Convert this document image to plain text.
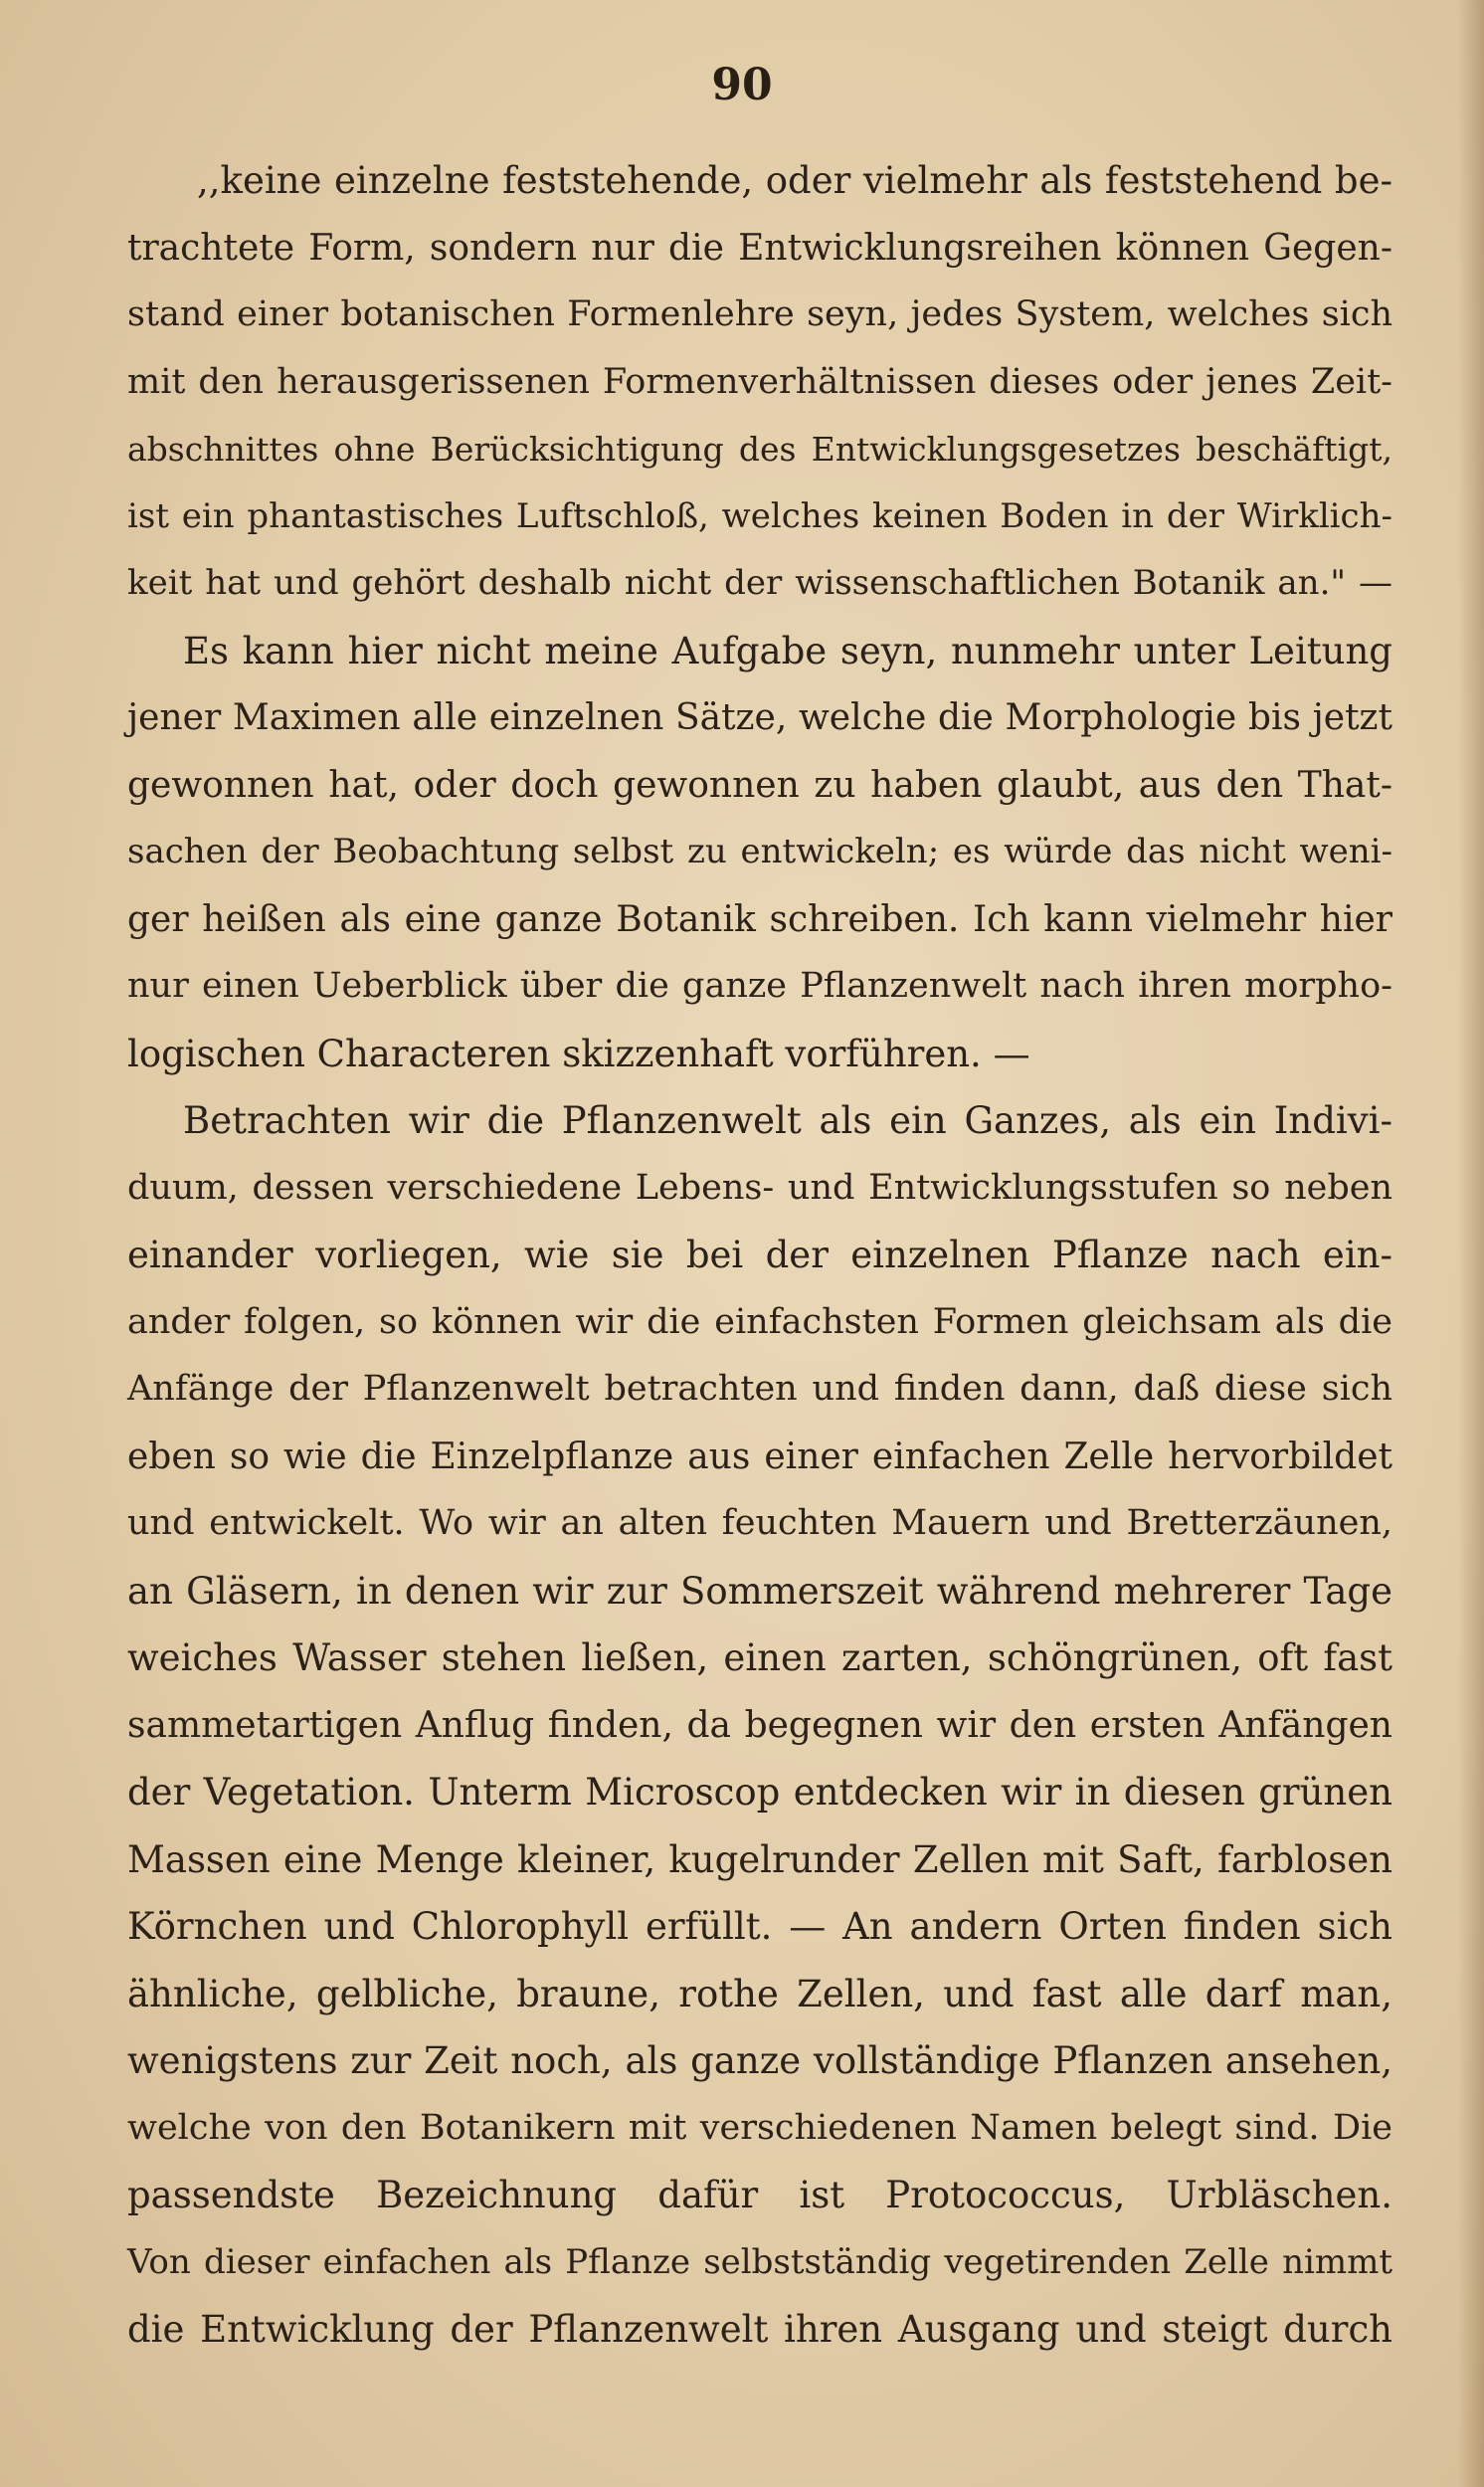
90
,,keine einzelne feststehende, oder vielmehr als feststehend be-
trachtete Form, sondern nur die Entwicklungsreihen können Gegen-
stand einer botanischen Formenlehre seyn, jedes System, welches sich
mit den herausgerissenen Formenverhältnissen dieses oder jenes Zeit-
abschnittes ohne Berücksichtigung des Entwicklungsgesetzes beschäftigt,
ist ein phantastisches Luftschloß, welches keinen Boden in der Wirklich-
keit hat und gehört deshalb nicht der wissenschaftlichen Botanik an." —
Es kann hier nicht meine Aufgabe seyn, nunmehr unter Leitung
jener Maximen alle einzelnen Sätze, welche die Morphologie bis jetzt
gewonnen hat, oder doch gewonnen zu haben glaubt, aus den That-
sachen der Beobachtung selbst zu entwickeln; es würde das nicht weni-
ger heißen als eine ganze Botanik schreiben. Ich kann vielmehr hier
nur einen Ueberblick über die ganze Pflanzenwelt nach ihren morpho-
logischen Characteren skizzenhaft vorführen. —
Betrachten wir die Pflanzenwelt als ein Ganzes, als ein Indivi-
duum, dessen verschiedene Lebens- und Entwicklungsstufen so neben
einander vorliegen, wie sie bei der einzelnen Pflanze nach ein-
ander folgen, so können wir die einfachsten Formen gleichsam als die
Anfänge der Pflanzenwelt betrachten und finden dann, daß diese sich
eben so wie die Einzelpflanze aus einer einfachen Zelle hervorbildet
und entwickelt. Wo wir an alten feuchten Mauern und Bretterzäunen,
an Gläsern, in denen wir zur Sommerszeit während mehrerer Tage
weiches Wasser stehen ließen, einen zarten, schöngrünen, oft fast
sammetartigen Anflug finden, da begegnen wir den ersten Anfängen
der Vegetation. Unterm Microscop entdecken wir in diesen grünen
Massen eine Menge kleiner, kugelrunder Zellen mit Saft, farblosen
Körnchen und Chlorophyll erfüllt. — An andern Orten finden sich
ähnliche, gelbliche, braune, rothe Zellen, und fast alle darf man,
wenigstens zur Zeit noch, als ganze vollständige Pflanzen ansehen,
welche von den Botanikern mit verschiedenen Namen belegt sind. Die
passendste Bezeichnung dafür ist Protococcus, Urbläschen.
Von dieser einfachen als Pflanze selbstständig vegetirenden Zelle nimmt
die Entwicklung der Pflanzenwelt ihren Ausgang und steigt durch
